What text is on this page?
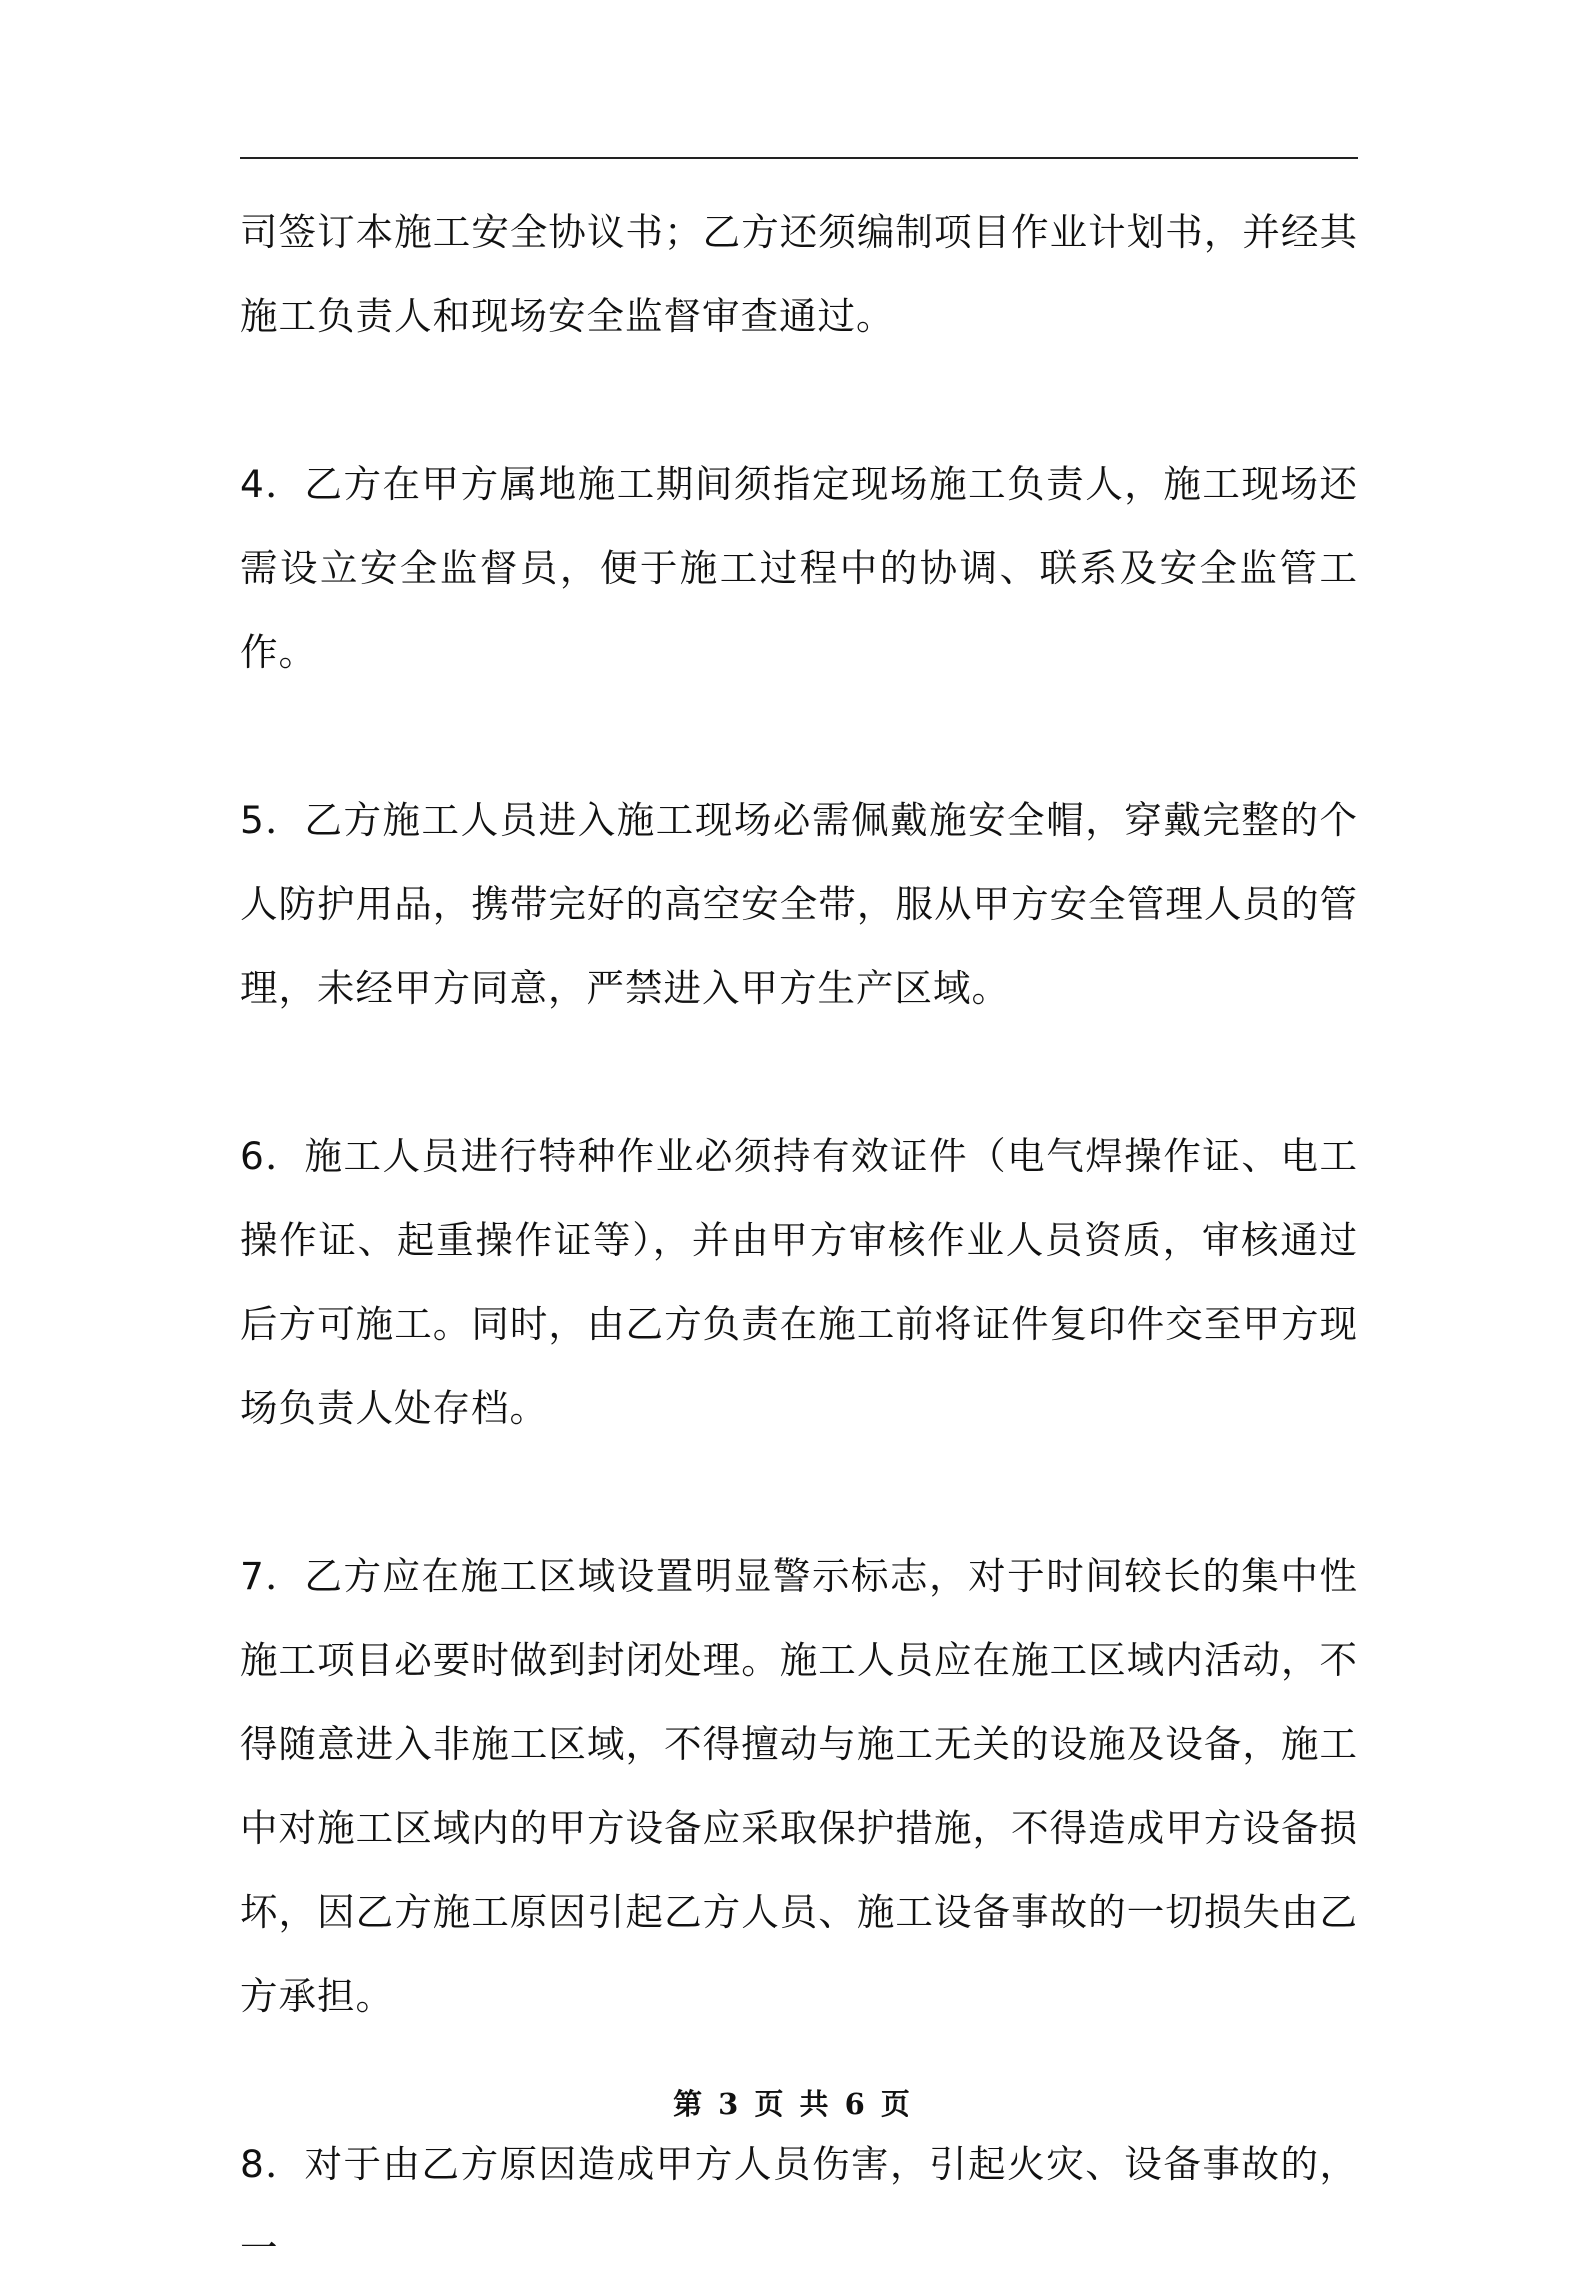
司签订本施工安全协议书；乙方还须编制项目作业计划书，并经其施工负责人和现场安全监督审查通过。

4．乙方在甲方属地施工期间须指定现场施工负责人，施工现场还需设立安全监督员，便于施工过程中的协调、联系及安全监管工作。

5．乙方施工人员进入施工现场必需佩戴施安全帽，穿戴完整的个人防护用品，携带完好的高空安全带，服从甲方安全管理人员的管理，未经甲方同意，严禁进入甲方生产区域。

6．施工人员进行特种作业必须持有效证件（电气焊操作证、电工操作证、起重操作证等），并由甲方审核作业人员资质，审核通过后方可施工。同时，由乙方负责在施工前将证件复印件交至甲方现场负责人处存档。

7．乙方应在施工区域设置明显警示标志，对于时间较长的集中性施工项目必要时做到封闭处理。施工人员应在施工区域内活动，不得随意进入非施工区域，不得擅动与施工无关的设施及设备，施工中对施工区域内的甲方设备应采取保护措施，不得造成甲方设备损坏，因乙方施工原因引起乙方人员、施工设备事故的一切损失由乙方承担。

8．对于由乙方原因造成甲方人员伤害，引起火灾、设备事故的，一

第 3 页 共 6 页
